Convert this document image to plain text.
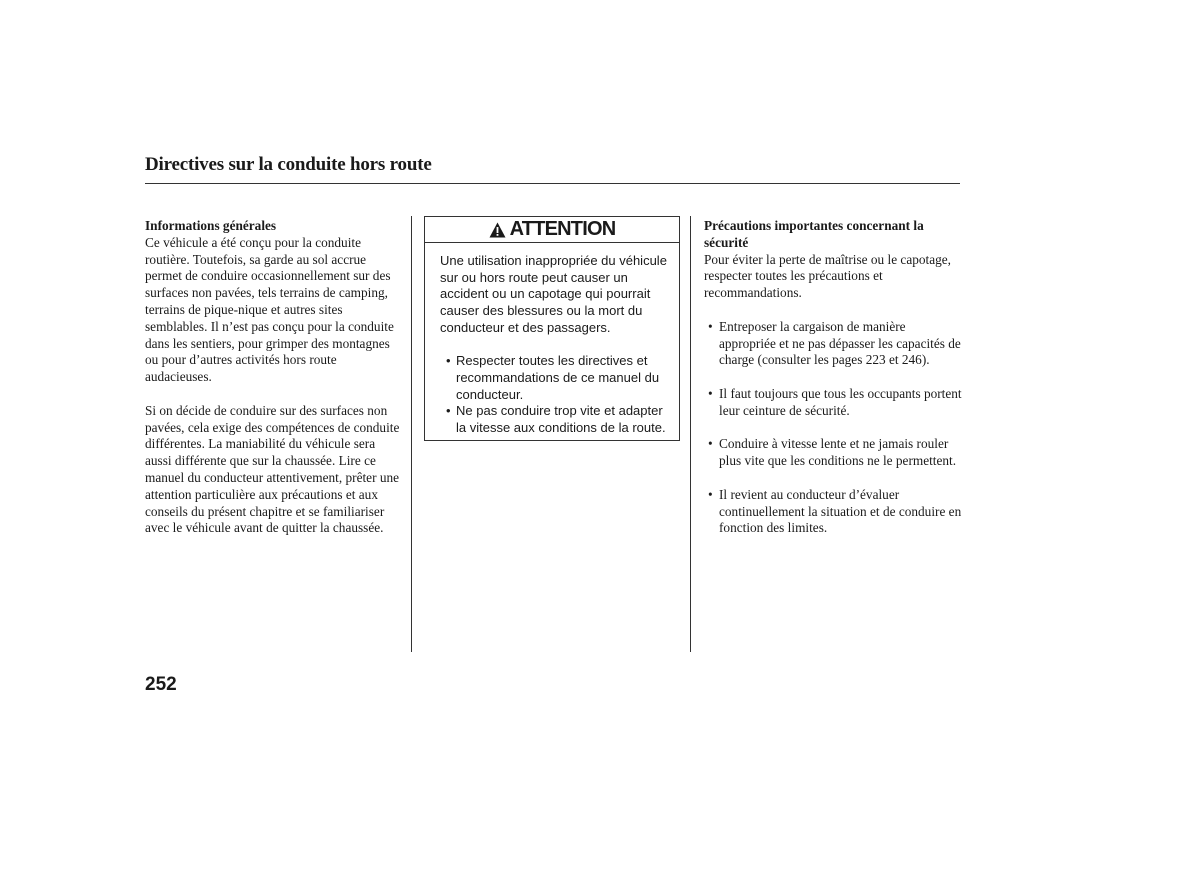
Directives sur la conduite hors route

Informations générales

Ce véhicule a été conçu pour la conduite routière. Toutefois, sa garde au sol accrue permet de conduire occasionnellement sur des surfaces non pavées, tels terrains de camping, terrains de pique-nique et autres sites semblables. Il n’est pas conçu pour la conduite dans les sentiers, pour grimper des montagnes ou pour d’autres activités hors route audacieuses.

Si on décide de conduire sur des surfaces non pavées, cela exige des compétences de conduite différentes. La maniabilité du véhicule sera aussi différente que sur la chaussée. Lire ce manuel du conducteur attentivement, prêter une attention particulière aux précautions et aux conseils du présent chapitre et se familiariser avec le véhicule avant de quitter la chaussée.

ATTENTION

Une utilisation inappropriée du véhicule sur ou hors route peut causer un accident ou un capotage qui pourrait causer des blessures ou la mort du conducteur et des passagers.

• Respecter toutes les directives et recommandations de ce manuel du conducteur.
• Ne pas conduire trop vite et adapter la vitesse aux conditions de la route.

Précautions importantes concernant la sécurité

Pour éviter la perte de maîtrise ou le capotage, respecter toutes les précautions et recommandations.

• Entreposer la cargaison de manière appropriée et ne pas dépasser les capacités de charge (consulter les pages 223 et 246).
• Il faut toujours que tous les occupants portent leur ceinture de sécurité.
• Conduire à vitesse lente et ne jamais rouler plus vite que les conditions ne le permettent.
• Il revient au conducteur d’évaluer continuellement la situation et de conduire en fonction des limites.

252
